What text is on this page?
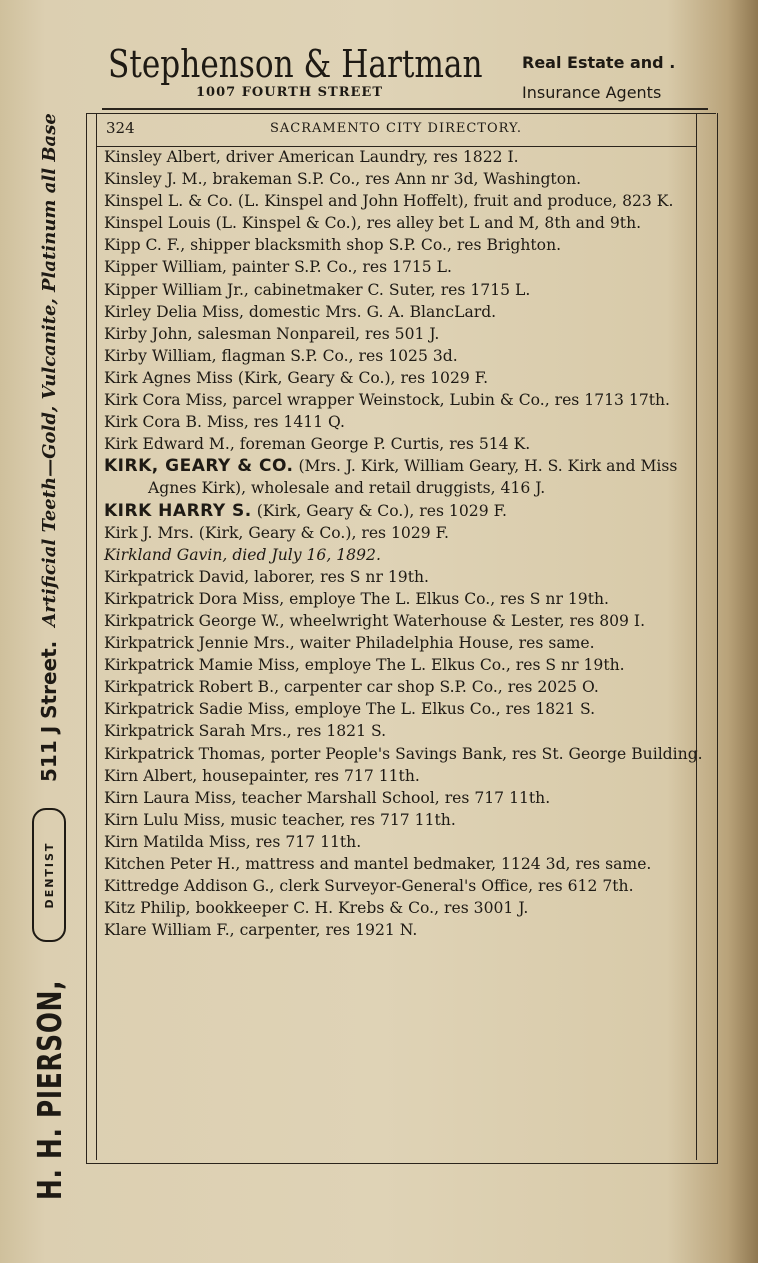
H. H. PIERSON,
DENTIST
511 J Street.
Artificial Teeth—Gold, Vulcanite, Platinum all Base
Stephenson & Hartman
1007 FOURTH STREET
Real Estate and .
Insurance Agents
324	SACRAMENTO CITY DIRECTORY.
Kinsley Albert, driver American Laundry, res 1822 I.
Kinsley J. M., brakeman S.P. Co., res Ann nr 3d, Washington.
Kinspel L. & Co. (L. Kinspel and John Hoffelt), fruit and produce, 823 K.
Kinspel Louis (L. Kinspel & Co.), res alley bet L and M, 8th and 9th.
Kipp C. F., shipper blacksmith shop S.P. Co., res Brighton.
Kipper William, painter S.P. Co., res 1715 L.
Kipper William Jr., cabinetmaker C. Suter, res 1715 L.
Kirley Delia Miss, domestic Mrs. G. A. BlancLard.
Kirby John, salesman Nonpareil, res 501 J.
Kirby William, flagman S.P. Co., res 1025 3d.
Kirk Agnes Miss (Kirk, Geary & Co.), res 1029 F.
Kirk Cora Miss, parcel wrapper Weinstock, Lubin & Co., res 1713 17th.
Kirk Cora B. Miss, res 1411 Q.
Kirk Edward M., foreman George P. Curtis, res 514 K.
KIRK, GEARY & CO. (Mrs. J. Kirk, William Geary, H. S. Kirk and Miss Agnes Kirk), wholesale and retail druggists, 416 J.
KIRK HARRY S. (Kirk, Geary & Co.), res 1029 F.
Kirk J. Mrs. (Kirk, Geary & Co.), res 1029 F.
Kirkland Gavin, died July 16, 1892.
Kirkpatrick David, laborer, res S nr 19th.
Kirkpatrick Dora Miss, employe The L. Elkus Co., res S nr 19th.
Kirkpatrick George W., wheelwright Waterhouse & Lester, res 809 I.
Kirkpatrick Jennie Mrs., waiter Philadelphia House, res same.
Kirkpatrick Mamie Miss, employe The L. Elkus Co., res S nr 19th.
Kirkpatrick Robert B., carpenter car shop S.P. Co., res 2025 O.
Kirkpatrick Sadie Miss, employe The L. Elkus Co., res 1821 S.
Kirkpatrick Sarah Mrs., res 1821 S.
Kirkpatrick Thomas, porter People's Savings Bank, res St. George Building.
Kirn Albert, housepainter, res 717 11th.
Kirn Laura Miss, teacher Marshall School, res 717 11th.
Kirn Lulu Miss, music teacher, res 717 11th.
Kirn Matilda Miss, res 717 11th.
Kitchen Peter H., mattress and mantel bedmaker, 1124 3d, res same.
Kittredge Addison G., clerk Surveyor-General's Office, res 612 7th.
Kitz Philip, bookkeeper C. H. Krebs & Co., res 3001 J.
Klare William F., carpenter, res 1921 N.
